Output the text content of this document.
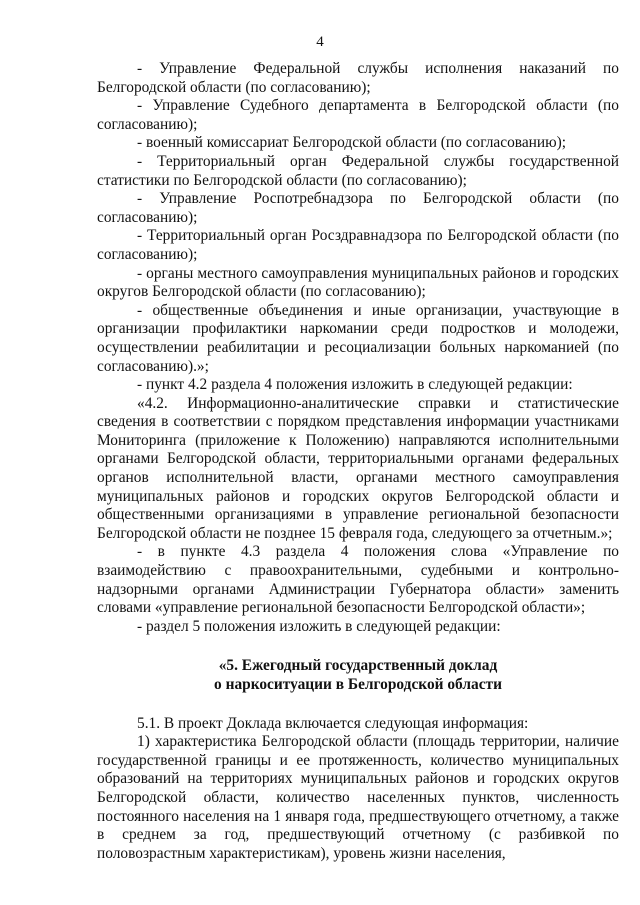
4

- Управление Федеральной службы исполнения наказаний по Белгородской области (по согласованию);

- Управление Судебного департамента в Белгородской области (по согласованию);

- военный комиссариат Белгородской области (по согласованию);

- Территориальный орган Федеральной службы государственной статистики по Белгородской области (по согласованию);

- Управление Роспотребнадзора по Белгородской области (по согласованию);

- Территориальный орган Росздравнадзора по Белгородской области (по согласованию);

- органы местного самоуправления муниципальных районов и городских округов Белгородской области (по согласованию);

- общественные объединения и иные организации, участвующие в организации профилактики наркомании среди подростков и молодежи, осуществлении реабилитации и ресоциализации больных наркоманией (по согласованию).»;

- пункт 4.2 раздела 4 положения изложить в следующей редакции:

«4.2. Информационно-аналитические справки и статистические сведения в соответствии с порядком представления информации участниками Мониторинга (приложение к Положению) направляются исполнительными органами Белгородской области, территориальными органами федеральных органов исполнительной власти, органами местного самоуправления муниципальных районов и городских округов Белгородской области и общественными организациями в управление региональной безопасности Белгородской области не позднее 15 февраля года, следующего за отчетным.»;

- в пункте 4.3 раздела 4 положения слова «Управление по взаимодействию с правоохранительными, судебными и контрольно-надзорными органами Администрации Губернатора области» заменить словами «управление региональной безопасности Белгородской области»;

- раздел 5 положения изложить в следующей редакции:

«5. Ежегодный государственный доклад

о наркоситуации в Белгородской области

5.1. В проект Доклада включается следующая информация:

1) характеристика Белгородской области (площадь территории, наличие государственной границы и ее протяженность, количество муниципальных образований на территориях муниципальных районов и городских округов Белгородской области, количество населенных пунктов, численность постоянного населения на 1 января года, предшествующего отчетному, а также в среднем за год, предшествующий отчетному (с разбивкой по половозрастным характеристикам), уровень жизни населения,
